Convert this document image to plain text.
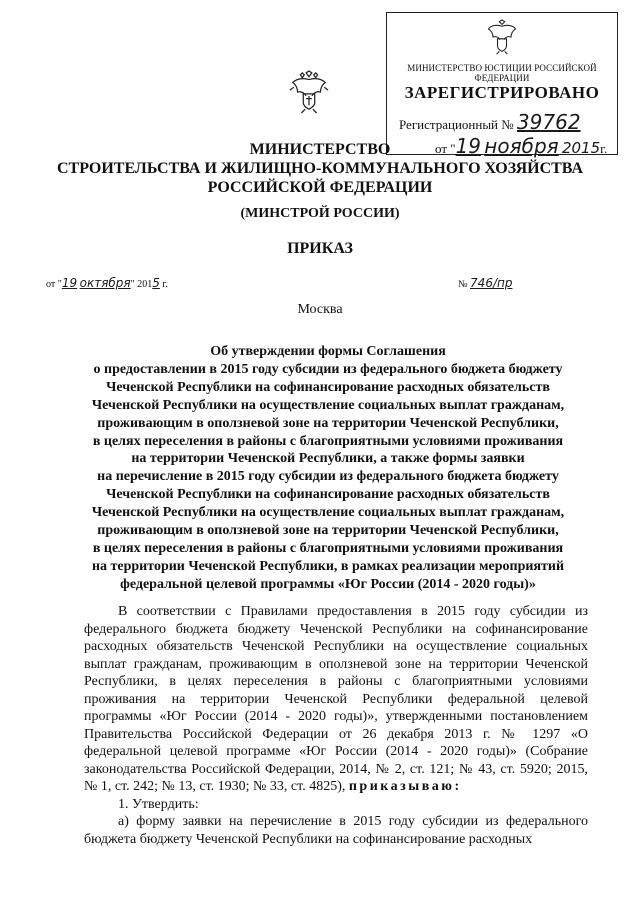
МИНИСТЕРСТВО ЮСТИЦИИ РОССИЙСКОЙ ФЕДЕРАЦИИ
ЗАРЕГИСТРИРОВАНО
Регистрационный № 39762
от "19 ноября 2015г.
МИНИСТЕРСТВО
СТРОИТЕЛЬСТВА И ЖИЛИЩНО-КОММУНАЛЬНОГО ХОЗЯЙСТВА
РОССИЙСКОЙ ФЕДЕРАЦИИ
(МИНСТРОЙ РОССИИ)
ПРИКАЗ
от "19 октября" 2015 г.	№ 746/пр
Москва
Об утверждении формы Соглашения
о предоставлении в 2015 году субсидии из федерального бюджета бюджету
Чеченской Республики на софинансирование расходных обязательств
Чеченской Республики на осуществление социальных выплат гражданам,
проживающим в оползневой зоне на территории Чеченской Республики,
в целях переселения в районы с благоприятными условиями проживания
на территории Чеченской Республики, а также формы заявки
на перечисление в 2015 году субсидии из федерального бюджета бюджету
Чеченской Республики на софинансирование расходных обязательств
Чеченской Республики на осуществление социальных выплат гражданам,
проживающим в оползневой зоне на территории Чеченской Республики,
в целях переселения в районы с благоприятными условиями проживания
на территории Чеченской Республики, в рамках реализации мероприятий
федеральной целевой программы «Юг России (2014 - 2020 годы)»

В соответствии с Правилами предоставления в 2015 году субсидии из федерального бюджета бюджету Чеченской Республики на софинансирование расходных обязательств Чеченской Республики на осуществление социальных выплат гражданам, проживающим в оползневой зоне на территории Чеченской Республики, в целях переселения в районы с благоприятными условиями проживания на территории Чеченской Республики федеральной целевой программы «Юг России (2014 - 2020 годы)», утвержденными постановлением Правительства Российской Федерации от 26 декабря 2013 г. № 1297 «О федеральной целевой программе «Юг России (2014 - 2020 годы)» (Собрание законодательства Российской Федерации, 2014, № 2, ст. 121; № 43, ст. 5920; 2015, № 1, ст. 242; № 13, ст. 1930; № 33, ст. 4825), приказываю:

1. Утвердить:

а) форму заявки на перечисление в 2015 году субсидии из федерального бюджета бюджету Чеченской Республики на софинансирование расходных
